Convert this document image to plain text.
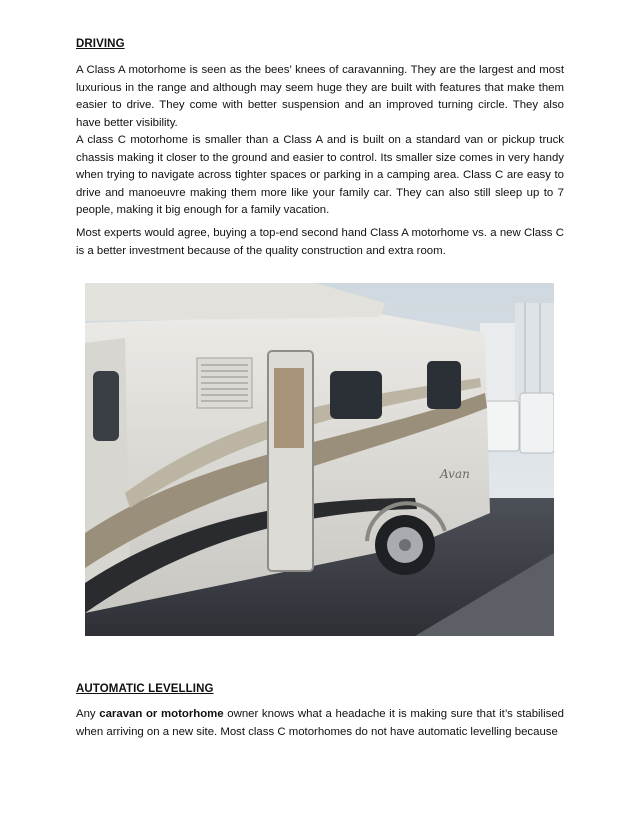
DRIVING

A Class A motorhome is seen as the bees’ knees of caravanning. They are the largest and most luxurious in the range and although may seem huge they are built with features that make them easier to drive. They come with better suspension and an improved turning circle. They also have better visibility.

A class C motorhome is smaller than a Class A and is built on a standard van or pickup truck chassis making it closer to the ground and easier to control. Its smaller size comes in very handy when trying to navigate across tighter spaces or parking in a camping area. Class C are easy to drive and manoeuvre making them more like your family car. They can also still sleep up to 7 people, making it big enough for a family vacation.

Most experts would agree, buying a top-end second hand Class A motorhome vs. a new Class C is a better investment because of the quality construction and extra room.

Avan
AUTOMATIC LEVELLING

Any caravan or motorhome owner knows what a headache it is making sure that it’s stabilised when arriving on a new site. Most class C motorhomes do not have automatic levelling because
